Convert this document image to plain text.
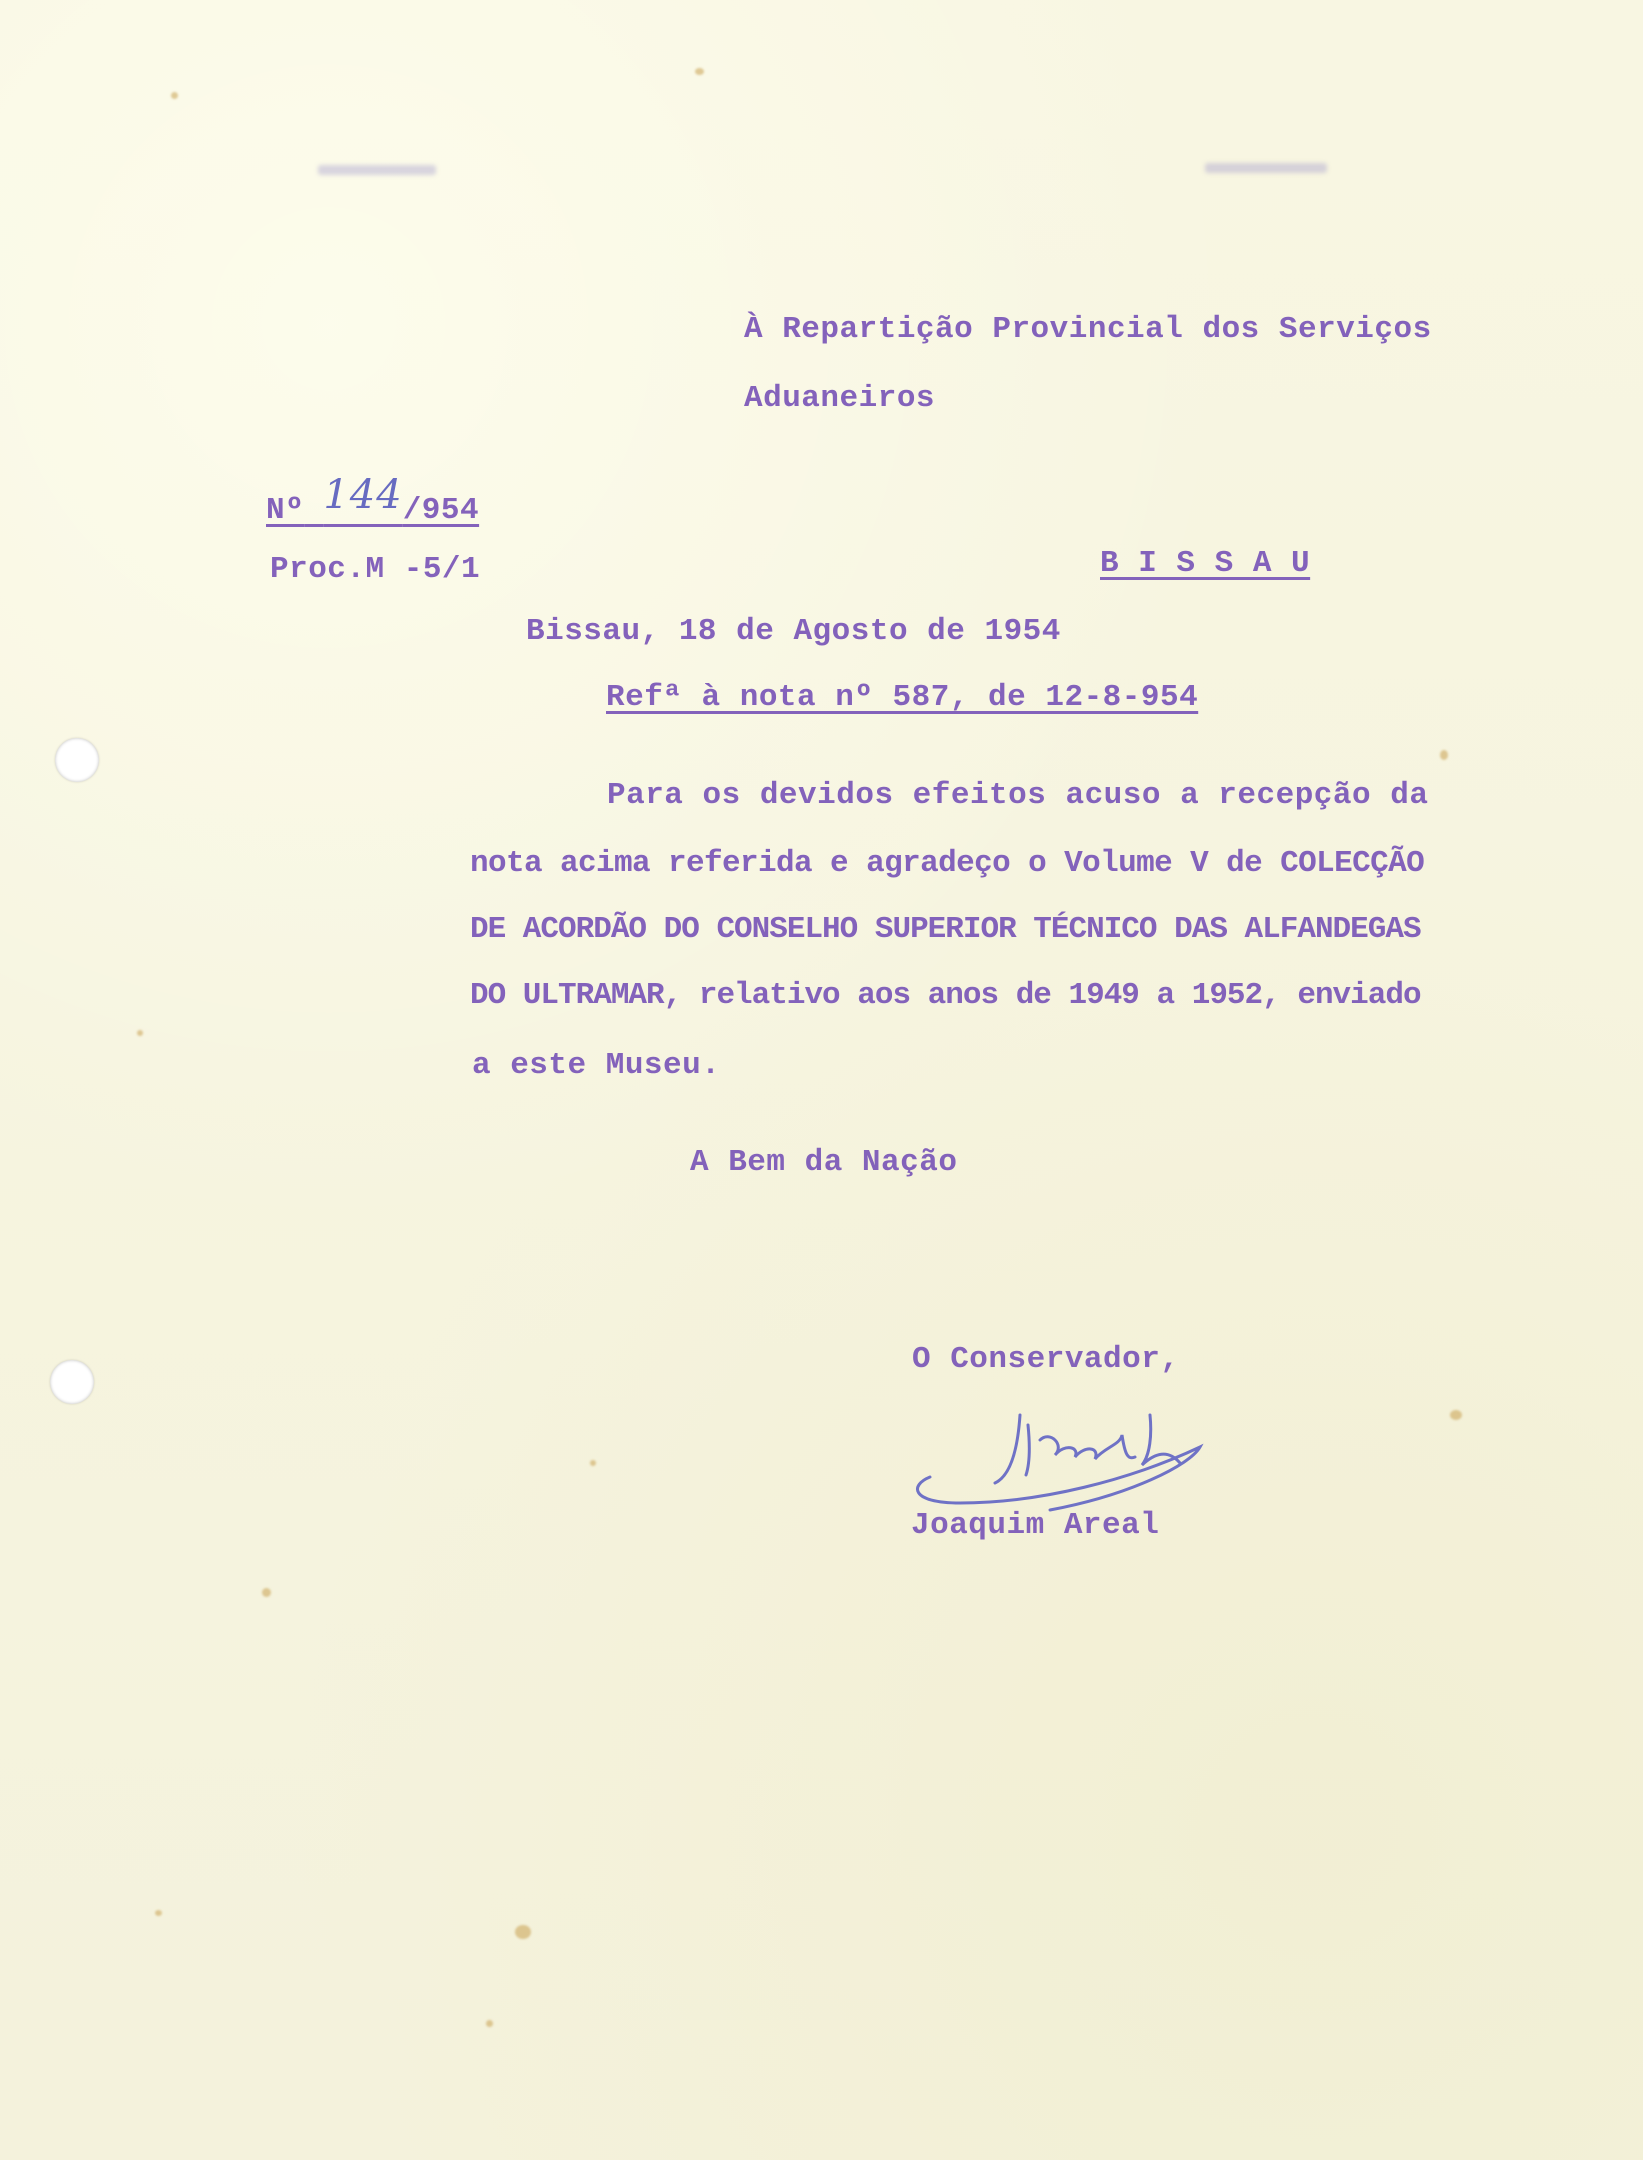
À Repartição Provincial dos Serviços
Aduaneiros
Nº 144/954
Proc.M -5/1	B I S S A U
Bissau, 18 de Agosto de 1954
Refª à nota nº 587, de 12-8-954
Para os devidos efeitos acuso a recepção da
nota acima referida e agradeço o Volume V de COLECÇÃO
DE ACORDÃO DO CONSELHO SUPERIOR TÉCNICO DAS ALFANDEGAS
DO ULTRAMAR, relativo aos anos de 1949 a 1952, enviado
a este Museu.
A Bem da Nação
O Conservador,
Joaquim Areal
